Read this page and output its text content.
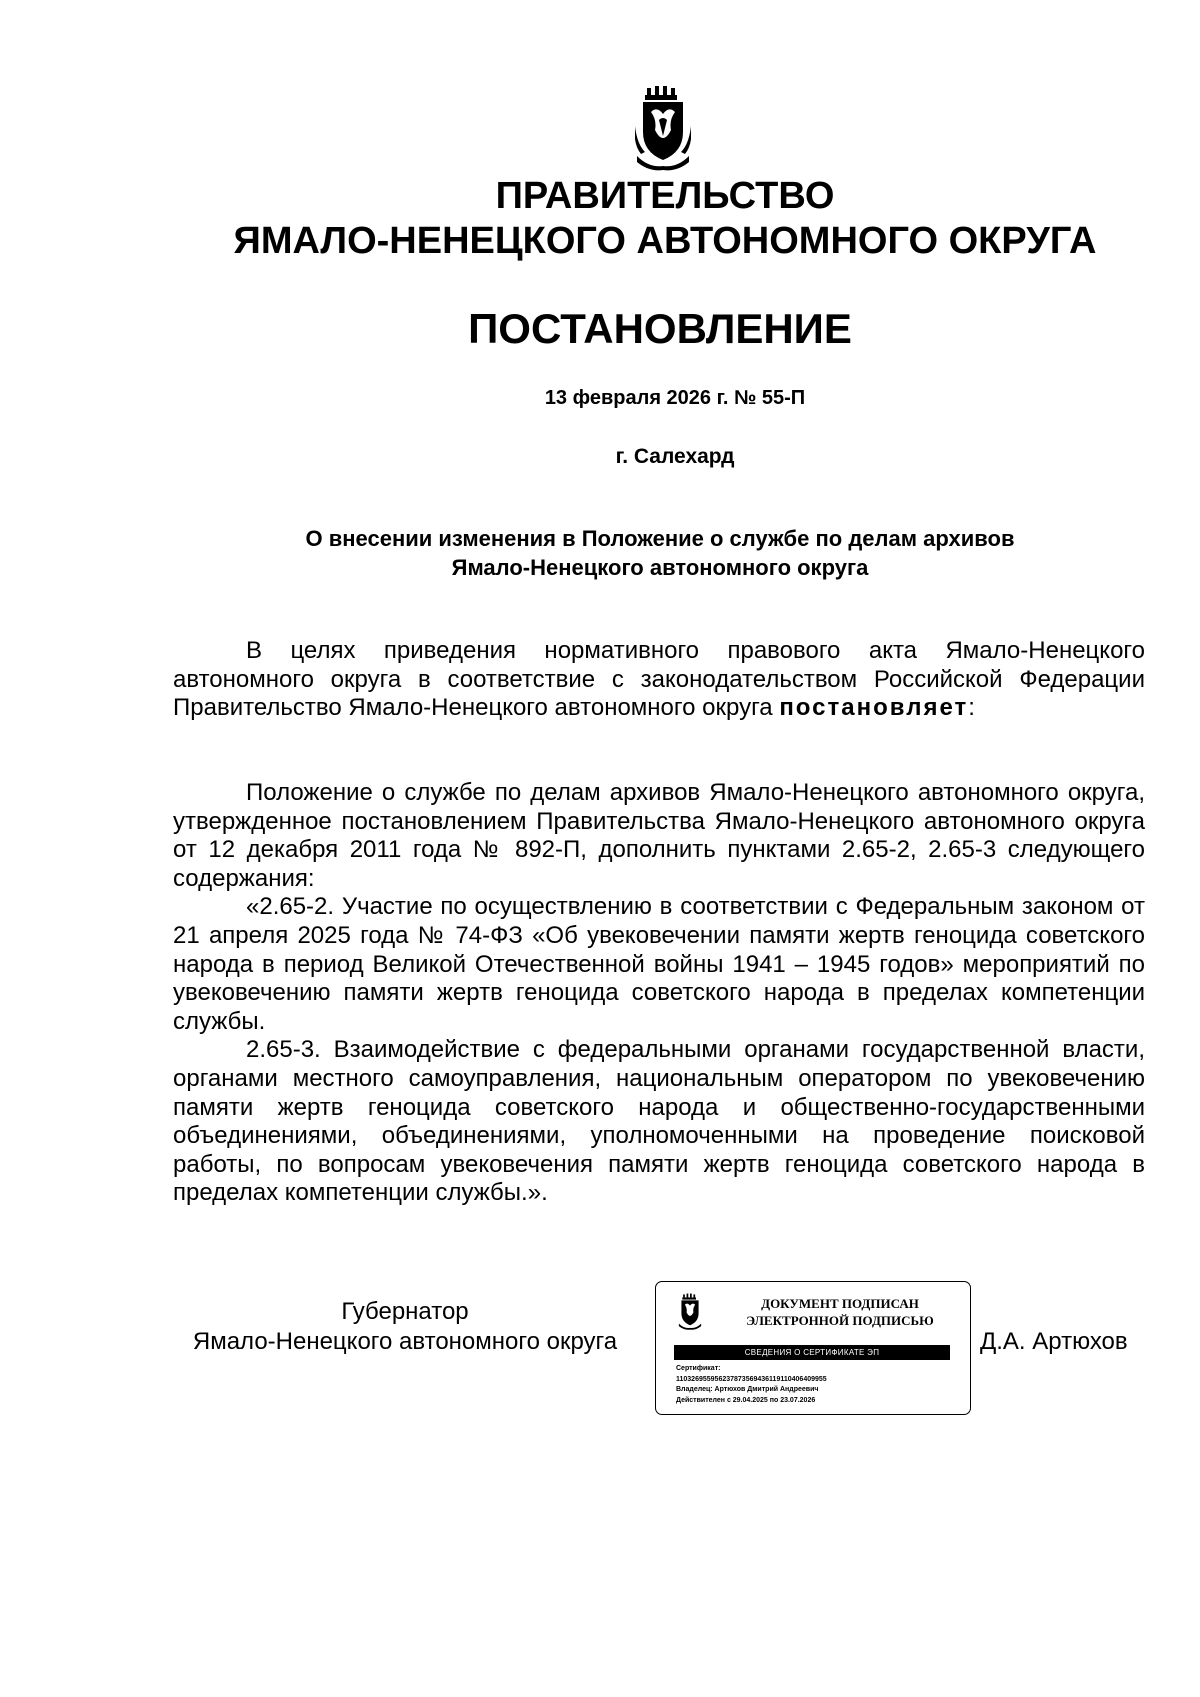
ПРАВИТЕЛЬСТВО
ЯМАЛО-НЕНЕЦКОГО АВТОНОМНОГО ОКРУГА
ПОСТАНОВЛЕНИЕ
13 февраля 2026 г. № 55-П
г. Салехард
О внесении изменения в Положение о службе по делам архивов
Ямало-Ненецкого автономного округа

В целях приведения нормативного правового акта Ямало-Ненецкого автономного округа в соответствие с законодательством Российской Федерации Правительство Ямало-Ненецкого автономного округа постановляет:

Положение о службе по делам архивов Ямало-Ненецкого автономного округа, утвержденное постановлением Правительства Ямало-Ненецкого автономного округа от 12 декабря 2011 года № 892-П, дополнить пунктами 2.65-2, 2.65-3 следующего содержания:

«2.65-2. Участие по осуществлению в соответствии с Федеральным законом от 21 апреля 2025 года № 74-ФЗ «Об увековечении памяти жертв геноцида советского народа в период Великой Отечественной войны 1941 – 1945 годов» мероприятий по увековечению памяти жертв геноцида советского народа в пределах компетенции службы.

2.65-3. Взаимодействие с федеральными органами государственной власти, органами местного самоуправления, национальным оператором по увековечению памяти жертв геноцида советского народа и общественно-государственными объединениями, объединениями, уполномоченными на проведение поисковой работы, по вопросам увековечения памяти жертв геноцида советского народа в пределах компетенции службы.».

Губернатор
Ямало-Ненецкого автономного округа
ДОКУМЕНТ ПОДПИСАН
ЭЛЕКТРОННОЙ ПОДПИСЬЮ
СВЕДЕНИЯ О СЕРТИФИКАТЕ ЭП
Сертификат:
110326955956237873569436119110406409955
Владелец: Артюхов Дмитрий Андреевич
Действителен с 29.04.2025 по 23.07.2026
Д.А. Артюхов
